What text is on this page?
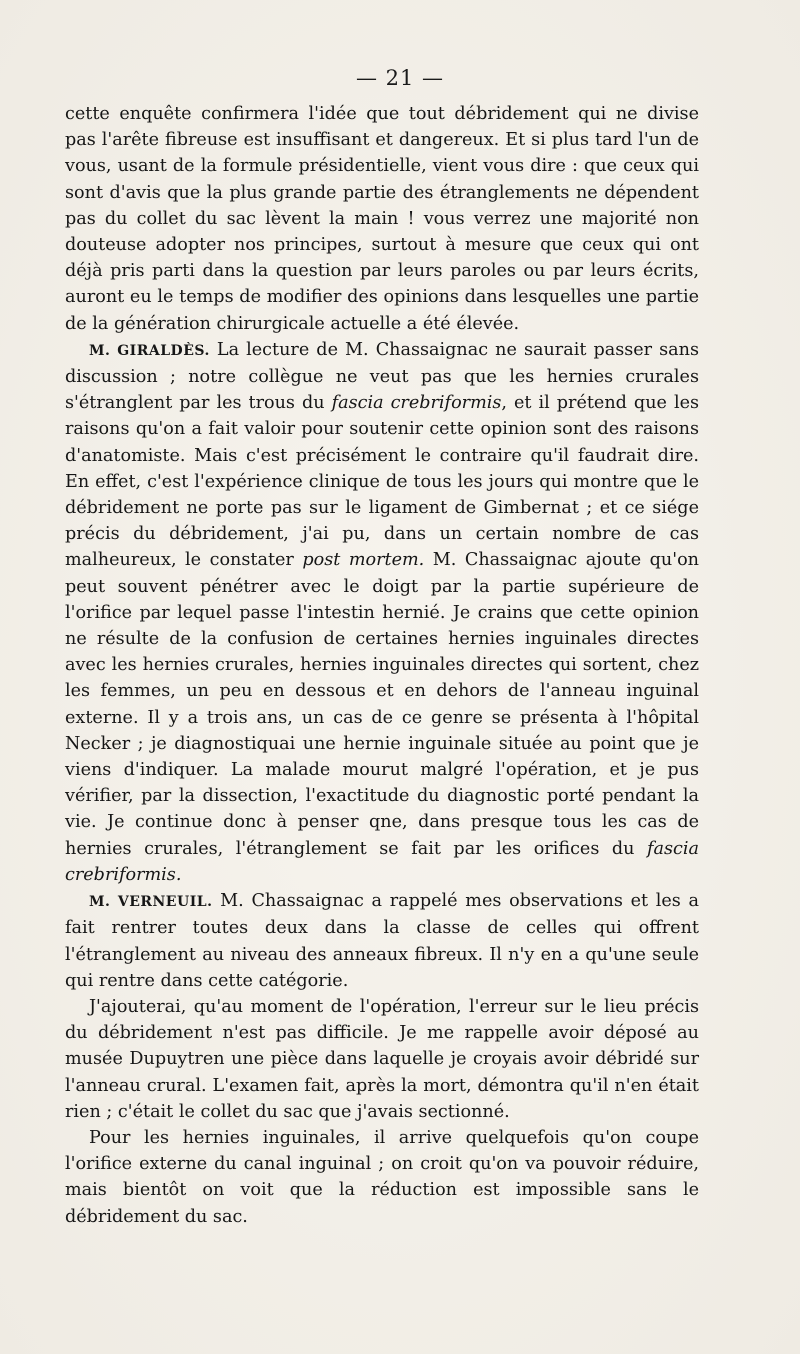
— 21 —

cette enquête confirmera l'idée que tout débridement qui ne divise pas l'arête fibreuse est insuffisant et dangereux. Et si plus tard l'un de vous, usant de la formule présidentielle, vient vous dire : que ceux qui sont d'avis que la plus grande partie des étranglements ne dépendent pas du collet du sac lèvent la main ! vous verrez une majorité non douteuse adopter nos principes, surtout à mesure que ceux qui ont déjà pris parti dans la question par leurs paroles ou par leurs écrits, auront eu le temps de modifier des opinions dans lesquelles une partie de la génération chirurgicale actuelle a été élevée.

M. GIRALDÈS. La lecture de M. Chassaignac ne saurait passer sans discussion ; notre collègue ne veut pas que les hernies crurales s'étranglent par les trous du fascia crebriformis, et il prétend que les raisons qu'on a fait valoir pour soutenir cette opinion sont des raisons d'anatomiste. Mais c'est précisément le contraire qu'il faudrait dire. En effet, c'est l'expérience clinique de tous les jours qui montre que le débridement ne porte pas sur le ligament de Gimbernat ; et ce siége précis du débridement, j'ai pu, dans un certain nombre de cas malheureux, le constater post mortem. M. Chassaignac ajoute qu'on peut souvent pénétrer avec le doigt par la partie supérieure de l'orifice par lequel passe l'intestin hernié. Je crains que cette opinion ne résulte de la confusion de certaines hernies inguinales directes avec les hernies crurales, hernies inguinales directes qui sortent, chez les femmes, un peu en dessous et en dehors de l'anneau inguinal externe. Il y a trois ans, un cas de ce genre se présenta à l'hôpital Necker ; je diagnostiquai une hernie inguinale située au point que je viens d'indiquer. La malade mourut malgré l'opération, et je pus vérifier, par la dissection, l'exactitude du diagnostic porté pendant la vie. Je continue donc à penser qne, dans presque tous les cas de hernies crurales, l'étranglement se fait par les orifices du fascia crebriformis.

M. VERNEUIL. M. Chassaignac a rappelé mes observations et les a fait rentrer toutes deux dans la classe de celles qui offrent l'étranglement au niveau des anneaux fibreux. Il n'y en a qu'une seule qui rentre dans cette catégorie.

J'ajouterai, qu'au moment de l'opération, l'erreur sur le lieu précis du débridement n'est pas difficile. Je me rappelle avoir déposé au musée Dupuytren une pièce dans laquelle je croyais avoir débridé sur l'anneau crural. L'examen fait, après la mort, démontra qu'il n'en était rien ; c'était le collet du sac que j'avais sectionné.

Pour les hernies inguinales, il arrive quelquefois qu'on coupe l'orifice externe du canal inguinal ; on croit qu'on va pouvoir réduire, mais bientôt on voit que la réduction est impossible sans le débridement du sac.
